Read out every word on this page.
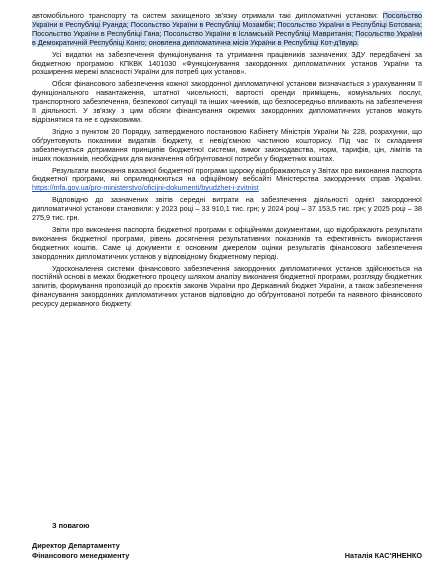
автомобільного транспорту та систем захищеного зв'язку отримали такі дипломатичні установи: Посольство України в Республіці Руанда; Посольство України в Республіці Мозамбік; Посольство України в Республіці Ботсвана; Посольство України в Республіці Гана; Посольство України в Ісламській Республіці Мавританія; Посольство України в Демократичній Республіці Конго; оновлена дипломатична місія України в Республіці Кот-д'Івуар.

Усі видатки на забезпечення функціонування та утримання працівників зазначених ЗДУ передбачені за бюджетною програмою КПКВК 1401030 «Функціонування закордонних дипломатичних установ України та розширення мережі власності України для потреб цих установ».

Обсяг фінансового забезпечення кожної закордонної дипломатичної установи визначається з урахуванням її функціонального навантаження, штатної чисельності, вартості оренди приміщень, комунальних послуг, транспортного забезпечення, безпекової ситуації та інших чинників, що безпосередньо впливають на забезпечення її діяльності. У зв'язку з цим обсяги фінансування окремих закордонних дипломатичних установ можуть відрізнятися та не є однаковими.

Згідно з пунктом 20 Порядку, затвердженого постановою Кабінету Міністрів України № 228, розрахунки, що обґрунтовують показники видатків бюджету, є невід'ємною частиною кошторису. Під час їх складання забезпечується дотримання принципів бюджетної системи, вимог законодавства, норм, тарифів, цін, лімітів та інших показників, необхідних для визначення обґрунтованої потреби у бюджетних коштах.

Результати виконання вказаної бюджетної програми щороку відображаються у Звітах про виконання паспорта бюджетної програми, які оприлюднюються на офіційному вебсайті Міністерства закордонних справ України. https://mfa.gov.ua/pro-ministerstvo/oficijni-dokumenti/byudzhet-i-zvitnist

Відповідно до зазначених звітів середні витрати на забезпечення діяльності однієї закордонної дипломатичної установи становили: у 2023 році – 33 910,1 тис. грн; у 2024 році – 37 153,5 тис. грн; у 2025 році – 38 275,9 тис. грн.

Звіти про виконання паспорта бюджетної програми є офіційними документами, що відображають результати виконання бюджетної програми, рівень досягнення результативних показників та ефективність використання бюджетних коштів. Саме ці документи є основним джерелом оцінки результатів фінансового забезпечення закордонних дипломатичних установ у відповідному бюджетному періоді.

Удосконалення системи фінансового забезпечення закордонних дипломатичних установ здійснюється на постійній основі в межах бюджетного процесу шляхом аналізу виконання бюджетної програми, розгляду бюджетних запитів, формування пропозицій до проєктів законів України про Державний бюджет України, а також забезпечення фінансування закордонних дипломатичних установ відповідно до обґрунтованої потреби та наявного фінансового ресурсу державного бюджету.

З повагою
Директор Департаменту
Фінансового менеджменту	Наталія КАС'ЯНЕНКО
